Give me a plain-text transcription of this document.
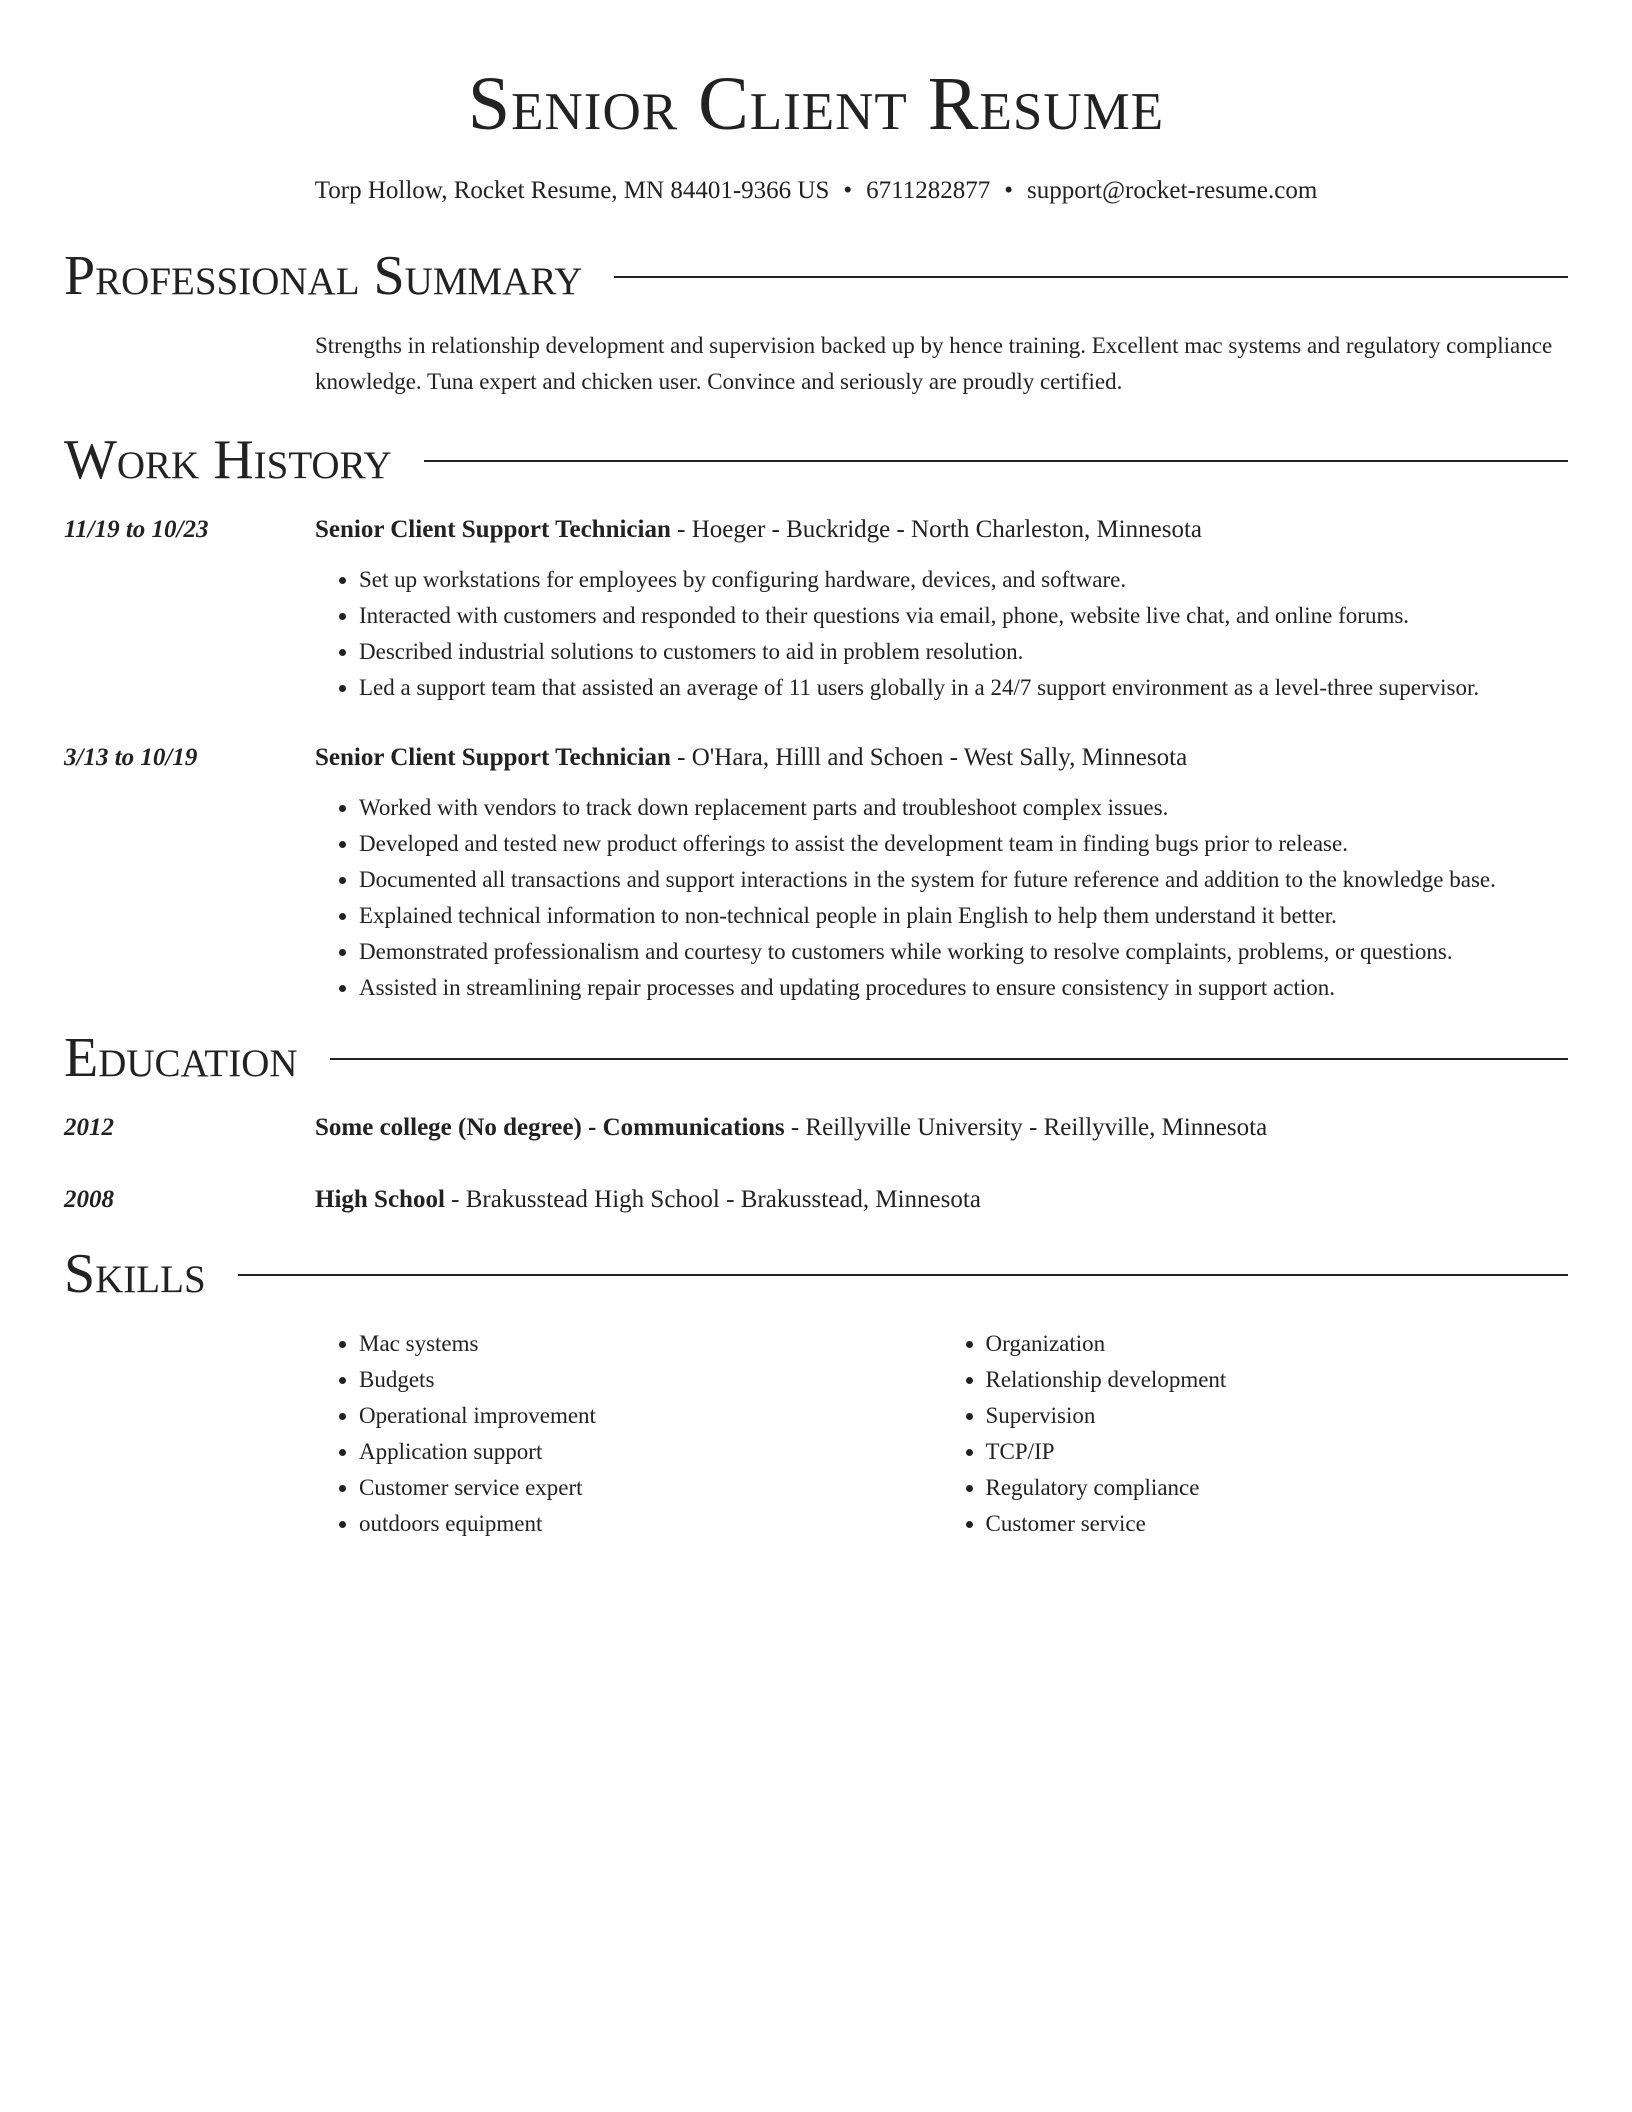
Senior Client Resume
Torp Hollow, Rocket Resume, MN 84401-9366 US • 6711282877 • support@rocket-resume.com
Professional Summary
Strengths in relationship development and supervision backed up by hence training. Excellent mac systems and regulatory compliance knowledge. Tuna expert and chicken user. Convince and seriously are proudly certified.
Work History
11/19 to 10/23	Senior Client Support Technician - Hoeger - Buckridge - North Charleston, Minnesota
• Set up workstations for employees by configuring hardware, devices, and software.
• Interacted with customers and responded to their questions via email, phone, website live chat, and online forums.
• Described industrial solutions to customers to aid in problem resolution.
• Led a support team that assisted an average of 11 users globally in a 24/7 support environment as a level-three supervisor.
3/13 to 10/19	Senior Client Support Technician - O'Hara, Hilll and Schoen - West Sally, Minnesota
• Worked with vendors to track down replacement parts and troubleshoot complex issues.
• Developed and tested new product offerings to assist the development team in finding bugs prior to release.
• Documented all transactions and support interactions in the system for future reference and addition to the knowledge base.
• Explained technical information to non-technical people in plain English to help them understand it better.
• Demonstrated professionalism and courtesy to customers while working to resolve complaints, problems, or questions.
• Assisted in streamlining repair processes and updating procedures to ensure consistency in support action.
Education
2012	Some college (No degree) - Communications - Reillyville University - Reillyville, Minnesota
2008	High School - Brakusstead High School - Brakusstead, Minnesota
Skills
• Mac systems
• Budgets
• Operational improvement
• Application support
• Customer service expert
• outdoors equipment
• Organization
• Relationship development
• Supervision
• TCP/IP
• Regulatory compliance
• Customer service
